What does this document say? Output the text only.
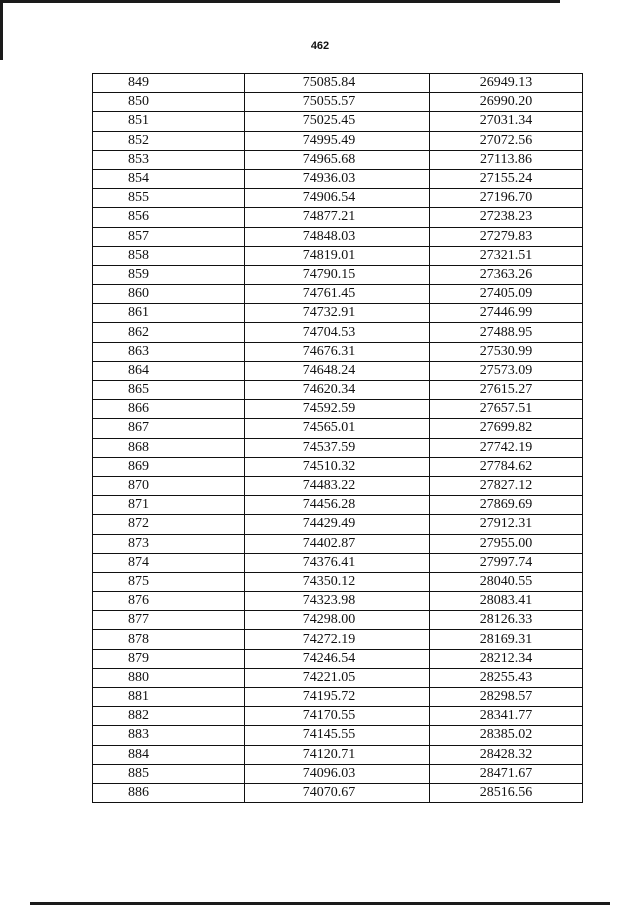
462
849	75085.84	26949.13
850	75055.57	26990.20
851	75025.45	27031.34
852	74995.49	27072.56
853	74965.68	27113.86
854	74936.03	27155.24
855	74906.54	27196.70
856	74877.21	27238.23
857	74848.03	27279.83
858	74819.01	27321.51
859	74790.15	27363.26
860	74761.45	27405.09
861	74732.91	27446.99
862	74704.53	27488.95
863	74676.31	27530.99
864	74648.24	27573.09
865	74620.34	27615.27
866	74592.59	27657.51
867	74565.01	27699.82
868	74537.59	27742.19
869	74510.32	27784.62
870	74483.22	27827.12
871	74456.28	27869.69
872	74429.49	27912.31
873	74402.87	27955.00
874	74376.41	27997.74
875	74350.12	28040.55
876	74323.98	28083.41
877	74298.00	28126.33
878	74272.19	28169.31
879	74246.54	28212.34
880	74221.05	28255.43
881	74195.72	28298.57
882	74170.55	28341.77
883	74145.55	28385.02
884	74120.71	28428.32
885	74096.03	28471.67
886	74070.67	28516.56
